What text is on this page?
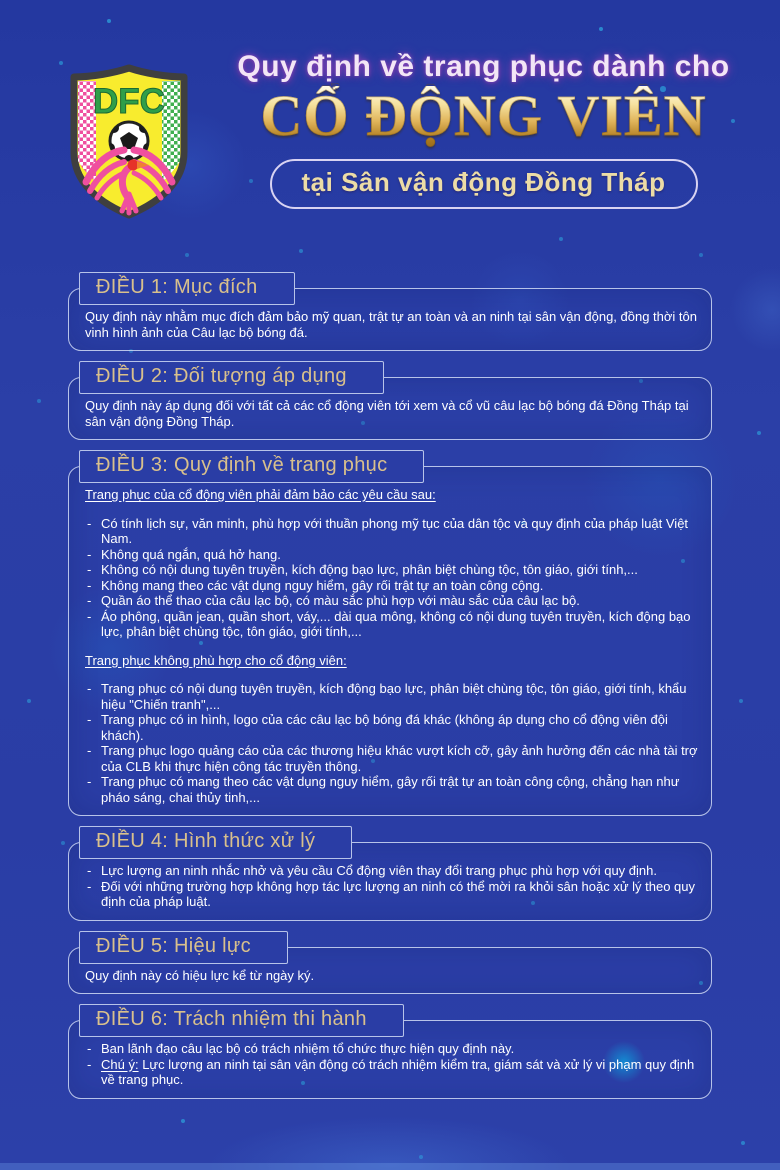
DFC
Quy định về trang phục dành cho
CỔ ĐỘNG VIÊN
tại Sân vận động Đồng Tháp
ĐIỀU 1: Mục đích

Quy định này nhằm mục đích đảm bảo mỹ quan, trật tự an toàn và an ninh tại sân vận động, đồng thời tôn vinh hình ảnh của Câu lạc bộ bóng đá.

ĐIỀU 2: Đối tượng áp dụng

Quy định này áp dụng đối với tất cả các cổ động viên tới xem và cổ vũ câu lạc bộ bóng đá Đồng Tháp tại sân vận động Đồng Tháp.

ĐIỀU 3: Quy định về trang phục
Trang phục của cổ động viên phải đảm bảo các yêu cầu sau:
- Có tính lịch sự, văn minh, phù hợp với thuần phong mỹ tục của dân tộc và quy định của pháp luật Việt Nam.
- Không quá ngắn, quá hở hang.
- Không có nội dung tuyên truyền, kích động bạo lực, phân biệt chùng tộc, tôn giáo, giới tính,...
- Không mang theo các vật dụng nguy hiểm, gây rối trật tự an toàn công cộng.
- Quần áo thể thao của câu lạc bộ, có màu sắc phù hợp với màu sắc của câu lạc bộ.
- Áo phông, quần jean, quần short, váy,... dài qua mông, không có nội dung tuyên truyền, kích động bạo lực, phân biệt chùng tộc, tôn giáo, giới tính,...
Trang phục không phù hợp cho cổ động viên:
- Trang phục có nội dung tuyên truyền, kích động bạo lực, phân biệt chùng tộc, tôn giáo, giới tính, khẩu hiệu "Chiến tranh",...
- Trang phục có in hình, logo của các câu lạc bộ bóng đá khác (không áp dụng cho cổ động viên đội khách).
- Trang phục logo quảng cáo của các thương hiệu khác vượt kích cỡ, gây ảnh hưởng đến các nhà tài trợ của CLB khi thực hiện công tác truyền thông.
- Trang phục có mang theo các vật dụng nguy hiểm, gây rối trật tự an toàn công cộng, chẳng hạn như pháo sáng, chai thủy tinh,...
ĐIỀU 4: Hình thức xử lý
- Lực lượng an ninh nhắc nhở và yêu cầu Cổ động viên thay đổi trang phục phù hợp với quy định.
- Đối với những trường hợp không hợp tác lực lượng an ninh có thể mời ra khỏi sân hoặc xử lý theo quy định của pháp luật.
ĐIỀU 5: Hiệu lực

Quy định này có hiệu lực kể từ ngày ký.

ĐIỀU 6: Trách nhiệm thi hành
- Ban lãnh đạo câu lạc bộ có trách nhiệm tổ chức thực hiện quy định này.
- Chú ý: Lực lượng an ninh tại sân vận động có trách nhiệm kiểm tra, giám sát và xử lý vi phạm quy định về trang phục.
